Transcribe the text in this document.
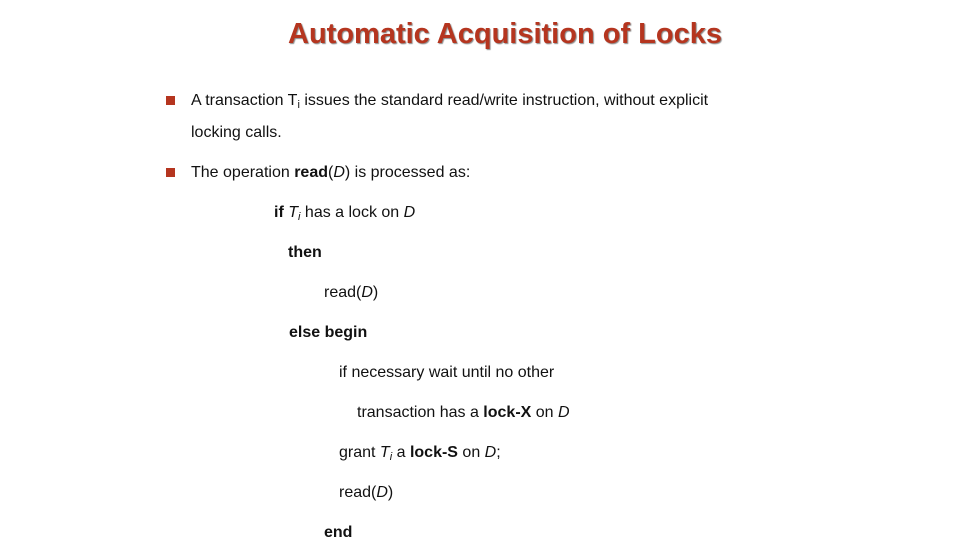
Automatic Acquisition of Locks
A transaction $T_i$ issues the standard read/write instruction, without explicit
locking calls.
The operation read(D) is processed as:
if $T_i$ has a lock on D
then
read(D)
else begin
if necessary wait until no other
transaction has a lock-X on D
grant $T_i$ a lock-S on D;
read(D)
end
